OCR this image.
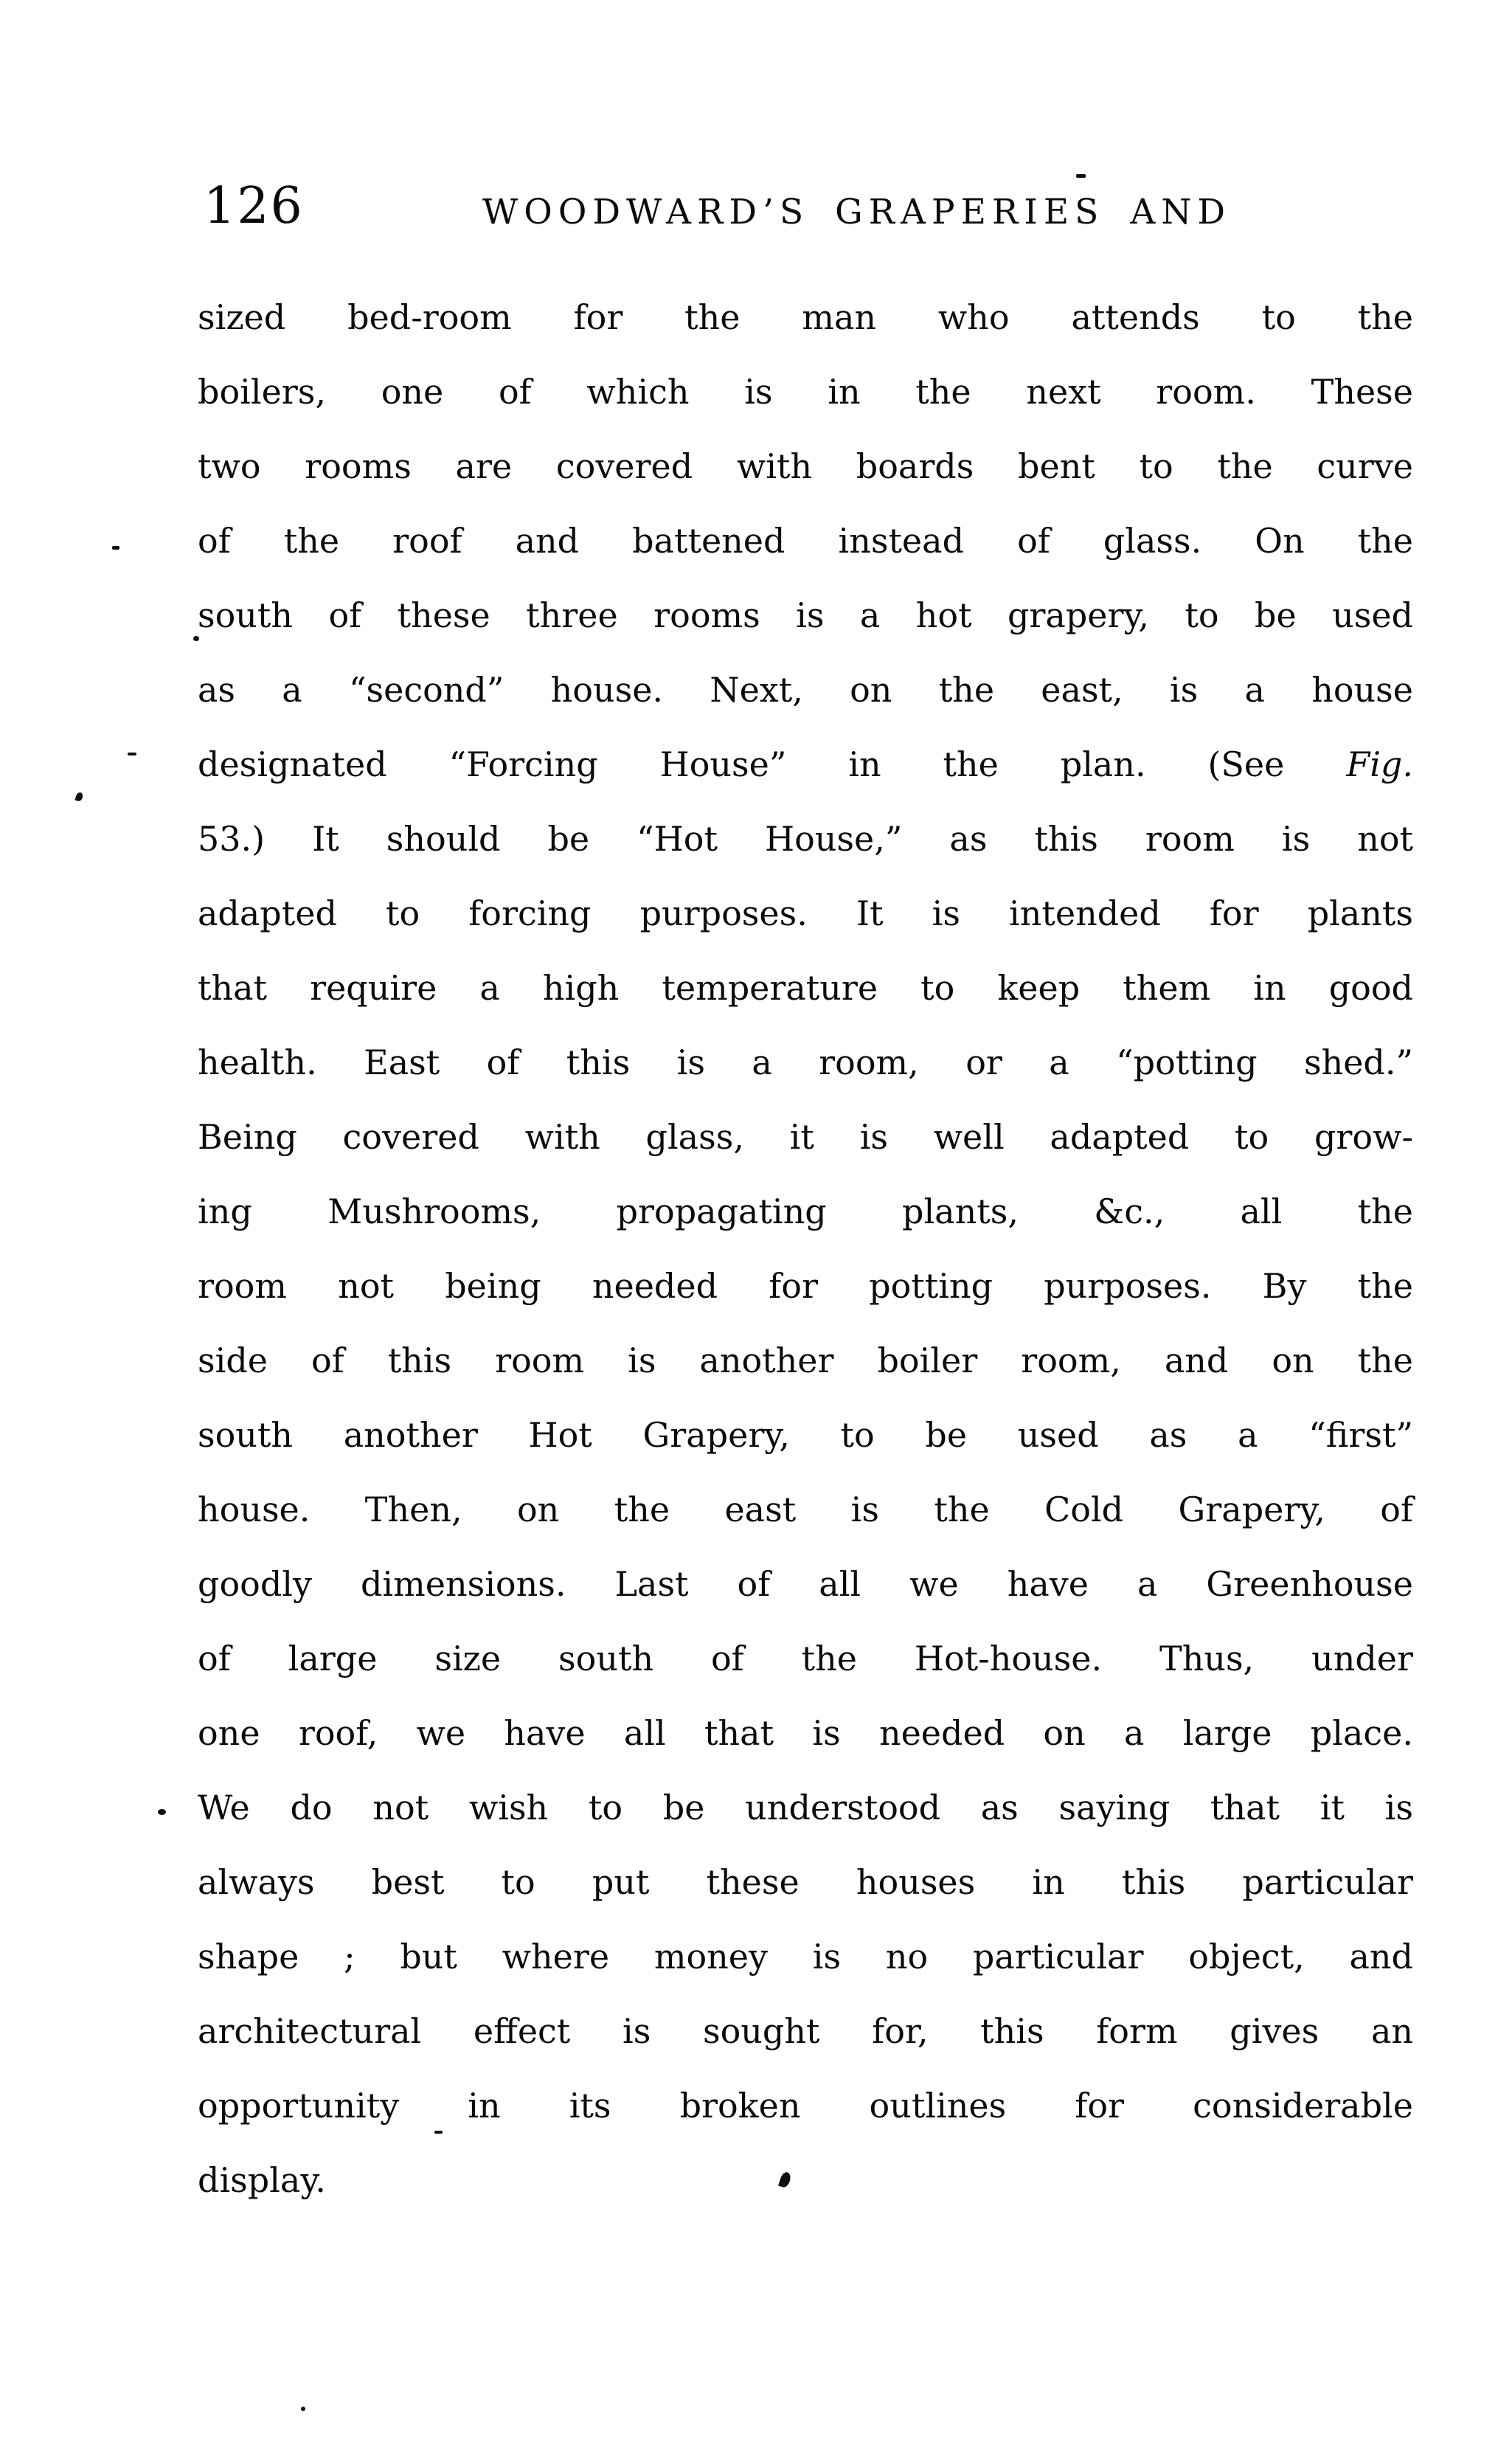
126	WOODWARD’S GRAPERIES AND
sized bed-room for the man who attends to the
boilers, one of which is in the next room. These
two rooms are covered with boards bent to the curve
of the roof and battened instead of glass. On the
south of these three rooms is a hot grapery, to be used
as a “second” house. Next, on the east, is a house
designated “Forcing House” in the plan. (See Fig.
53.) It should be “Hot House,” as this room is not
adapted to forcing purposes. It is intended for plants
that require a high temperature to keep them in good
health. East of this is a room, or a “potting shed.”
Being covered with glass, it is well adapted to grow-
ing Mushrooms, propagating plants, &c., all the
room not being needed for potting purposes. By the
side of this room is another boiler room, and on the
south another Hot Grapery, to be used as a “first”
house. Then, on the east is the Cold Grapery, of
goodly dimensions. Last of all we have a Greenhouse
of large size south of the Hot-house. Thus, under
one roof, we have all that is needed on a large place.
We do not wish to be understood as saying that it is
always best to put these houses in this particular
shape ; but where money is no particular object, and
architectural effect is sought for, this form gives an
opportunity in its broken outlines for considerable
display.
